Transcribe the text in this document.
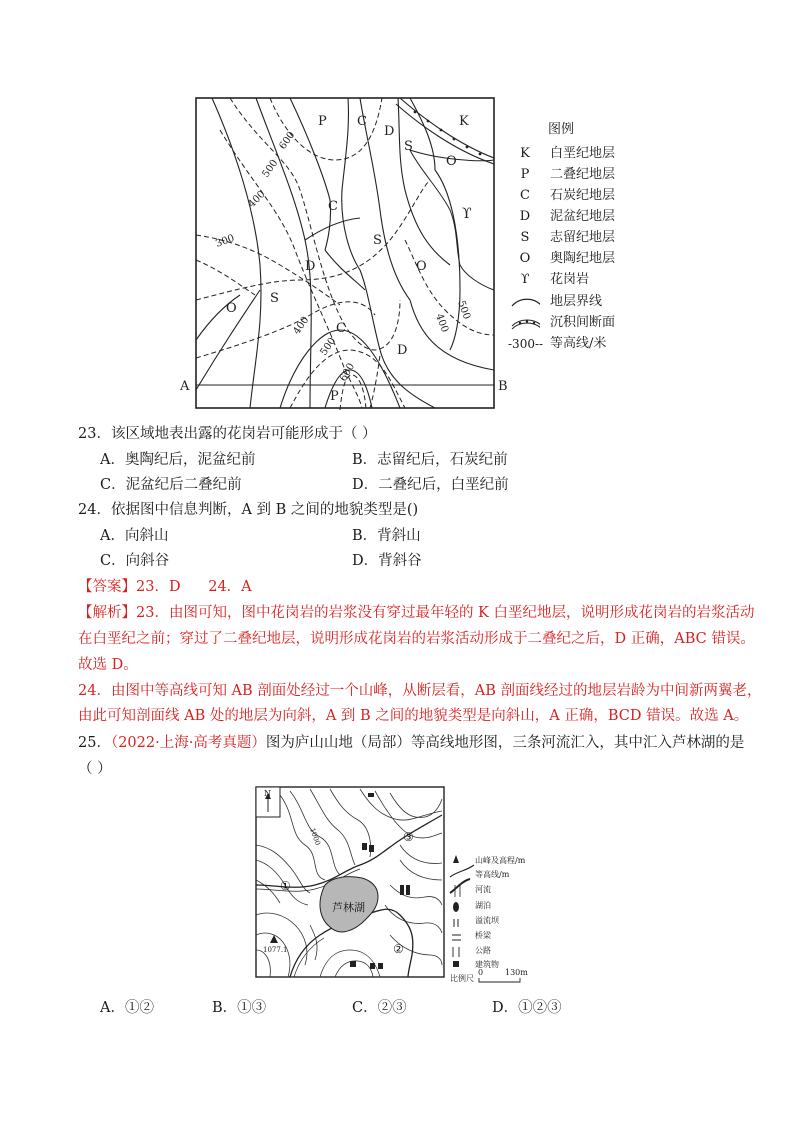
P C
D
S
K
O
C
S
O
D
O
S
C
D
P
600
500
400
300
400
500
500
600
400
ϒ
A	B
图例
K	白垩纪地层
P	二叠纪地层
C	石炭纪地层
D	泥盆纪地层
S	志留纪地层
O	奥陶纪地层
ϒ	花岗岩
地层界线
沉积间断面
-300-- 等高线/米
23．该区域地表出露的花岗岩可能形成于（ ）
A．奥陶纪后，泥盆纪前	B．志留纪后，石炭纪前
C．泥盆纪后二叠纪前	D．二叠纪后，白垩纪前
24．依据图中信息判断，A 到 B 之间的地貌类型是()
A．向斜山	B．背斜山
C．向斜谷	D．背斜谷
【答案】23．D      24．A
【解析】23．由图可知，图中花岗岩的岩浆没有穿过最年轻的 K 白垩纪地层，说明形成花岗岩的岩浆活动
在白垩纪之前；穿过了二叠纪地层，说明形成花岗岩的岩浆活动形成于二叠纪之后，D 正确，ABC 错误。
故选 D。
24．由图中等高线可知 AB 剖面处经过一个山峰，从断层看，AB 剖面线经过的地层岩龄为中间新两翼老，
由此可知剖面线 AB 处的地层为向斜，A 到 B 之间的地貌类型是向斜山，A 正确，BCD 错误。故选 A。
25．（2022·上海·高考真题）图为庐山山地（局部）等高线地形图，三条河流汇入，其中汇入芦林湖的是
（ ）
N
芦林湖
1077.1
1000
①
②
③
山峰及高程/m
等高线/m
河流
湖泊
溢流坝
桥梁
公路
建筑物
比例尺
0	130m
A．①②	B．①③	C．②③	D．①②③
